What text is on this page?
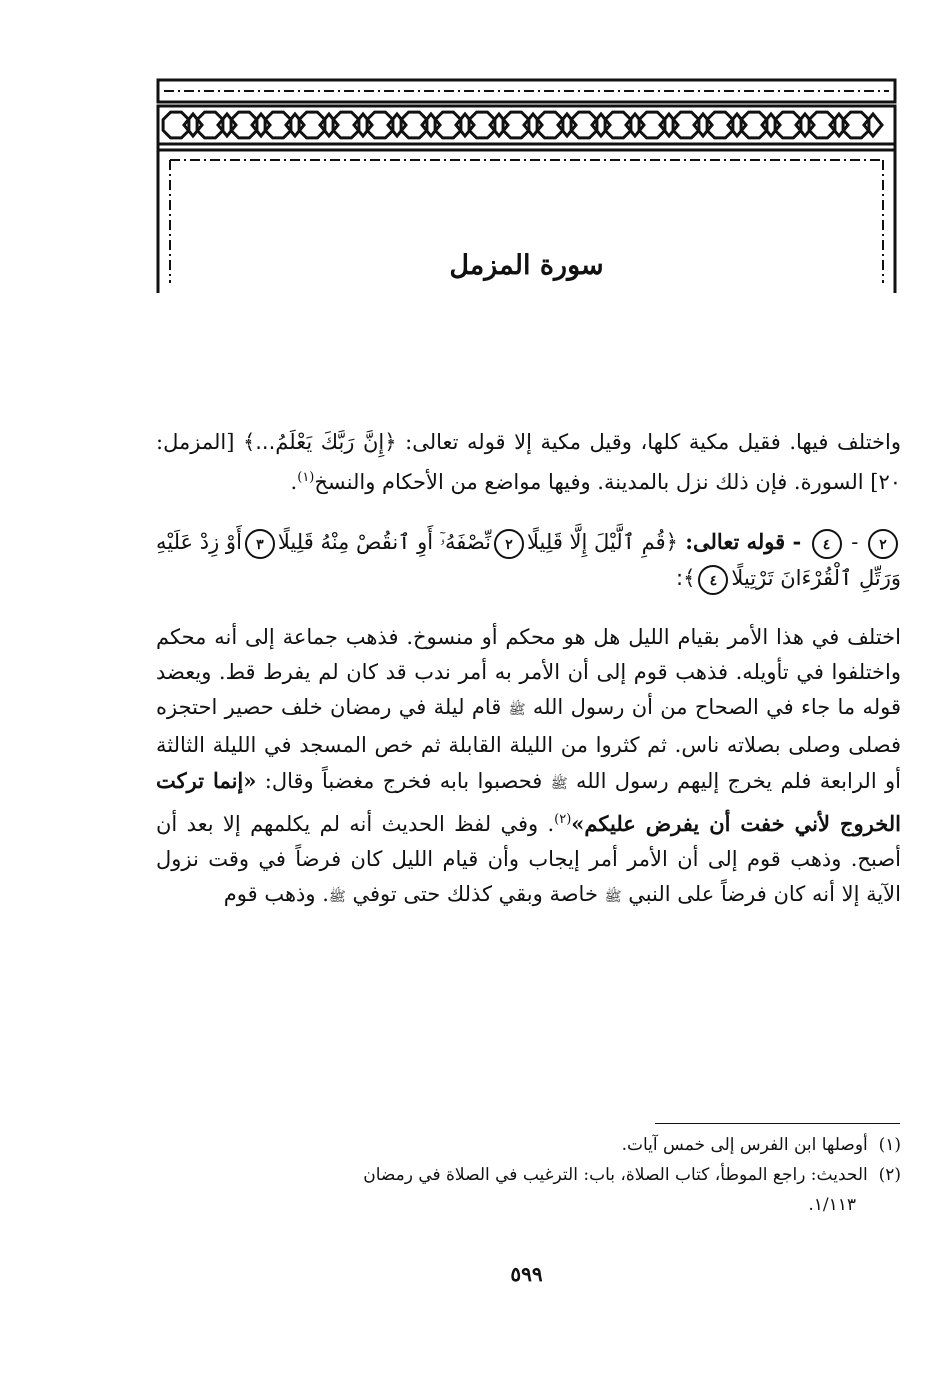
سورة المزمل

واختلف فيها. فقيل مكية كلها، وقيل مكية إلا قوله تعالى: ﴿إِنَّ رَبَّكَ يَعْلَمُ...﴾ [المزمل: ٢٠] السورة. فإن ذلك نزل بالمدينة. وفيها مواضع من الأحكام والنسخ$^{(١)}$.

٢ - ٤ - قوله تعالى: ﴿قُمِ ٱلَّيْلَ إِلَّا قَلِيلًا٢نِّصْفَهُۥٓ أَوِ ٱنقُصْ مِنْهُ قَلِيلًا٣أَوْ زِدْ عَلَيْهِ وَرَتِّلِ ٱلْقُرْءَانَ تَرْتِيلًا٤﴾:

اختلف في هذا الأمر بقيام الليل هل هو محكم أو منسوخ. فذهب جماعة إلى أنه محكم واختلفوا في تأويله. فذهب قوم إلى أن الأمر به أمر ندب قد كان لم يفرط قط. ويعضد قوله ما جاء في الصحاح من أن رسول الله ﷺ قام ليلة في رمضان خلف حصير احتجزه فصلى وصلى بصلاته ناس. ثم كثروا من الليلة القابلة ثم خص المسجد في الليلة الثالثة أو الرابعة فلم يخرج إليهم رسول الله ﷺ فحصبوا بابه فخرج مغضباً وقال: «إنما تركت الخروج لأني خفت أن يفرض عليكم»$^{(٢)}$. وفي لفظ الحديث أنه لم يكلمهم إلا بعد أن أصبح. وذهب قوم إلى أن الأمر أمر إيجاب وأن قيام الليل كان فرضاً في وقت نزول الآية إلا أنه كان فرضاً على النبي ﷺ خاصة وبقي كذلك حتى توفي ﷺ. وذهب قوم

(١)  أوصلها ابن الفرس إلى خمس آيات.

(٢)  الحديث: راجع الموطأ، كتاب الصلاة، باب: الترغيب في الصلاة في رمضان

١/١١٣.

٥٩٩
